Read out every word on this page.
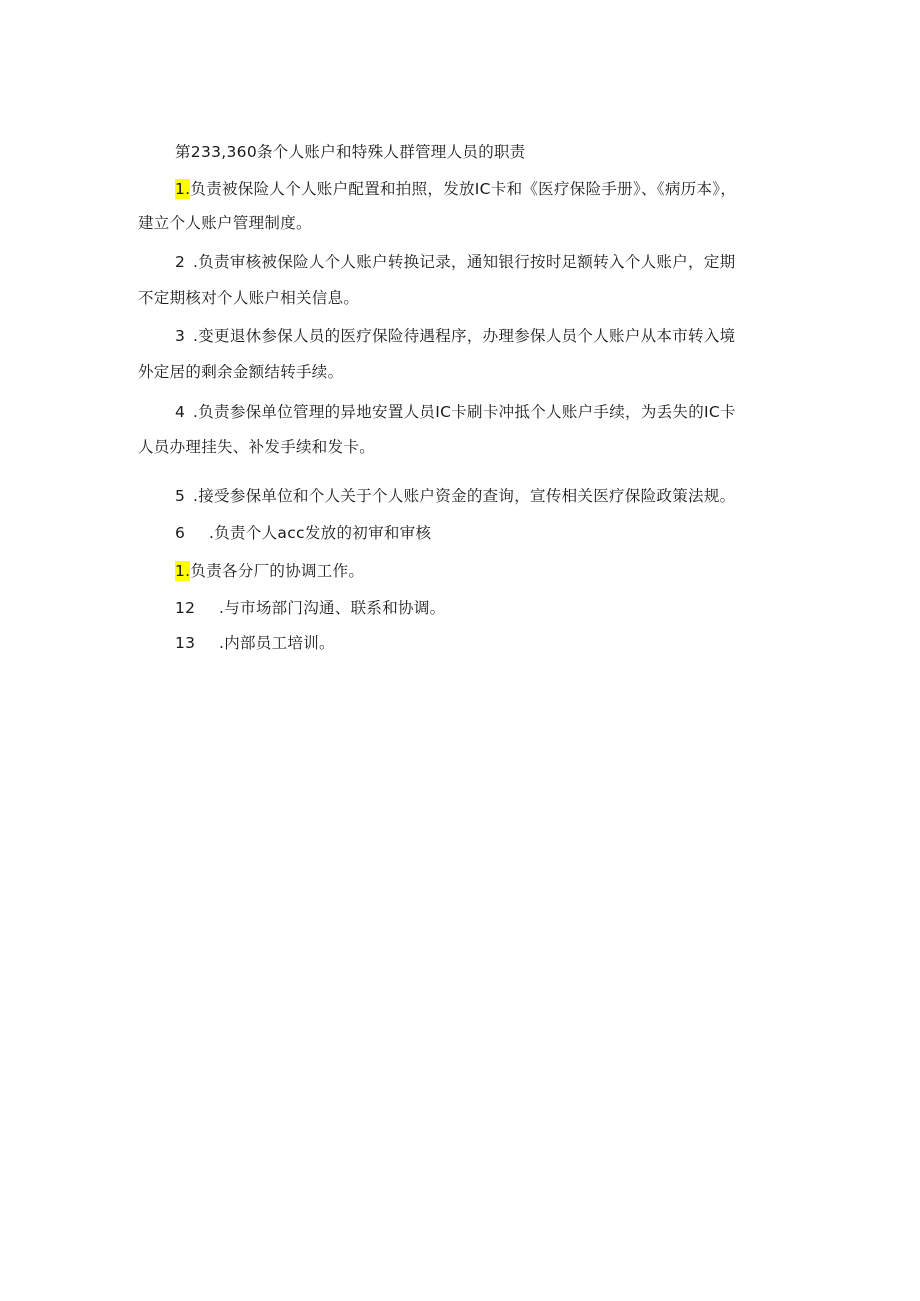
第233,360条个人账户和特殊人群管理人员的职责
1.负责被保险人个人账户配置和拍照，发放IC卡和《医疗保险手册》、《病历本》，
建立个人账户管理制度。
2 .负责审核被保险人个人账户转换记录，通知银行按时足额转入个人账户，定期
不定期核对个人账户相关信息。
3 .变更退休参保人员的医疗保险待遇程序，办理参保人员个人账户从本市转入境
外定居的剩余金额结转手续。
4 .负责参保单位管理的异地安置人员IC卡刷卡冲抵个人账户手续，为丢失的IC卡
人员办理挂失、补发手续和发卡。
5 .接受参保单位和个人关于个人账户资金的查询，宣传相关医疗保险政策法规。
6 .负责个人acc发放的初审和审核
1.负责各分厂的协调工作。
12 .与市场部门沟通、联系和协调。
13 .内部员工培训。
